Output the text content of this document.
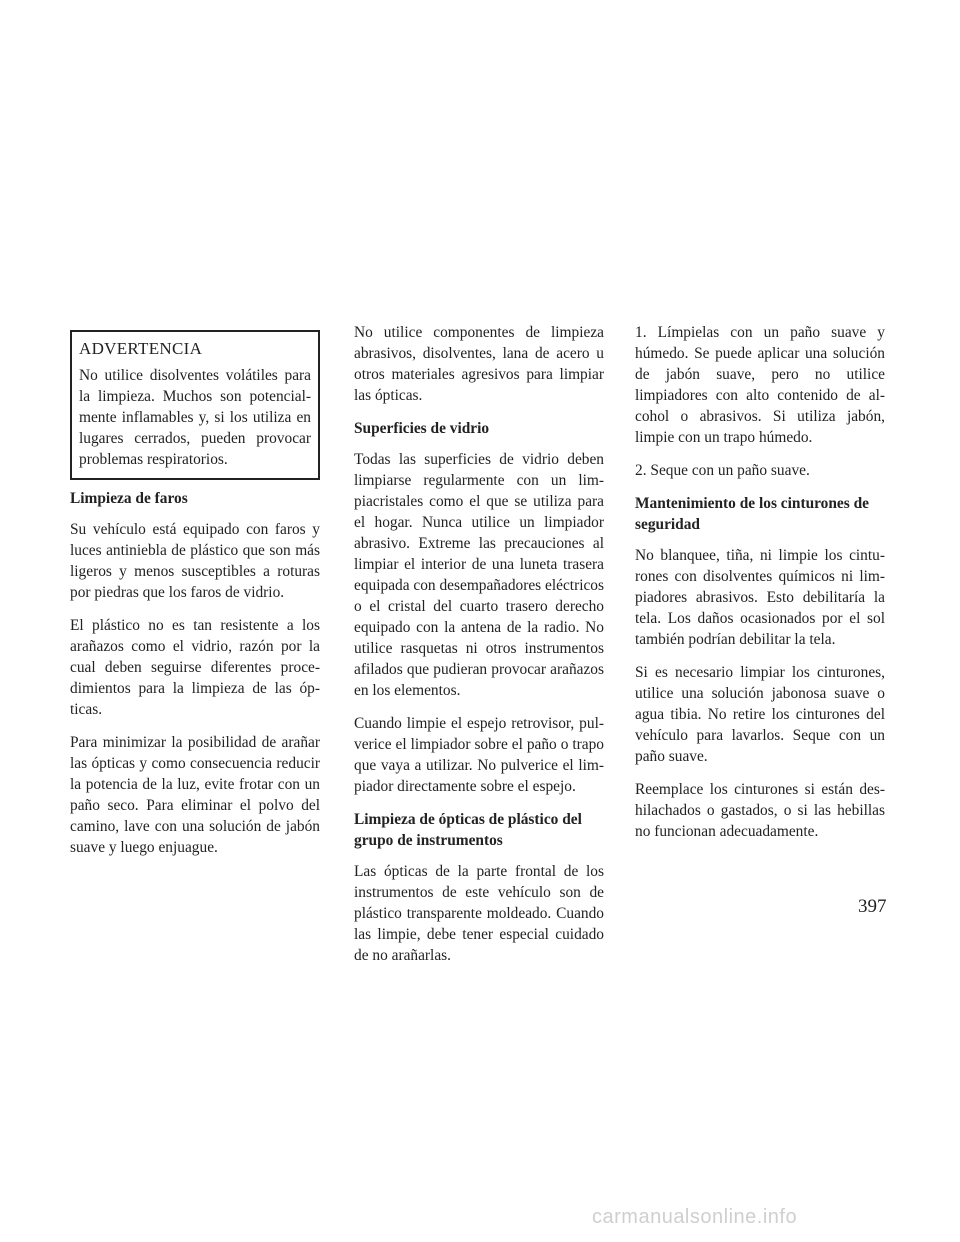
ADVERTENCIA

No utilice disolventes volátiles para la limpieza. Muchos son potencialmente inflamables y, si los utiliza en lugares cerrados, pueden provocar problemas respiratorios.

Limpieza de faros

Su vehículo está equipado con faros y luces antiniebla de plástico que son más ligeros y menos susceptibles a roturas por piedras que los faros de vidrio.

El plástico no es tan resistente a los arañazos como el vidrio, razón por la cual deben seguirse diferentes procedimientos para la limpieza de las ópticas.

Para minimizar la posibilidad de arañar las ópticas y como consecuencia reducir la potencia de la luz, evite frotar con un paño seco. Para eliminar el polvo del camino, lave con una solución de jabón suave y luego enjuague.

No utilice componentes de limpieza abrasivos, disolventes, lana de acero u otros materiales agresivos para limpiar las ópticas.

Superficies de vidrio

Todas las superficies de vidrio deben limpiarse regularmente con un limpiacristales como el que se utiliza para el hogar. Nunca utilice un limpiador abrasivo. Extreme las precauciones al limpiar el interior de una luneta trasera equipada con desempañadores eléctricos o el cristal del cuarto trasero derecho equipado con la antena de la radio. No utilice rasquetas ni otros instrumentos afilados que pudieran provocar arañazos en los elementos.

Cuando limpie el espejo retrovisor, pulverice el limpiador sobre el paño o trapo que vaya a utilizar. No pulverice el limpiador directamente sobre el espejo.

Limpieza de ópticas de plástico del grupo de instrumentos

Las ópticas de la parte frontal de los instrumentos de este vehículo son de plástico transparente moldeado. Cuando las limpie, debe tener especial cuidado de no arañarlas.

1. Límpielas con un paño suave y húmedo. Se puede aplicar una solución de jabón suave, pero no utilice limpiadores con alto contenido de alcohol o abrasivos. Si utiliza jabón, limpie con un trapo húmedo.

2. Seque con un paño suave.

Mantenimiento de los cinturones de seguridad

No blanquee, tiña, ni limpie los cinturones con disolventes químicos ni limpiadores abrasivos. Esto debilitaría la tela. Los daños ocasionados por el sol también podrían debilitar la tela.

Si es necesario limpiar los cinturones, utilice una solución jabonosa suave o agua tibia. No retire los cinturones del vehículo para lavarlos. Seque con un paño suave.

Reemplace los cinturones si están deshilachados o gastados, o si las hebillas no funcionan adecuadamente.

397
carmanualsonline.info
